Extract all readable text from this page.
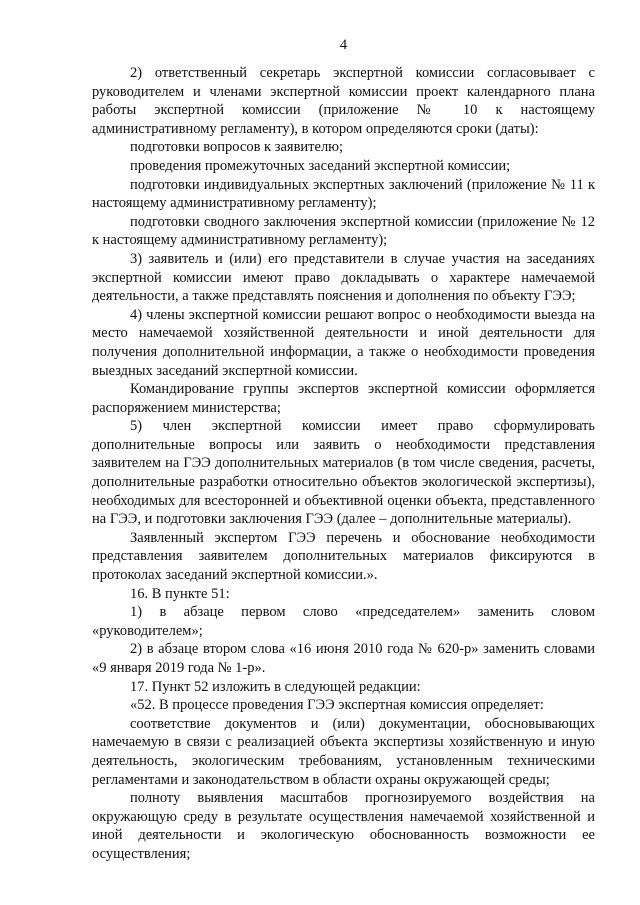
4

2) ответственный секретарь экспертной комиссии согласовывает с руководителем и членами экспертной комиссии проект календарного плана работы экспертной комиссии (приложение № 10 к настоящему административному регламенту), в котором определяются сроки (даты):

подготовки вопросов к заявителю;

проведения промежуточных заседаний экспертной комиссии;

подготовки индивидуальных экспертных заключений (приложение № 11 к настоящему административному регламенту);

подготовки сводного заключения экспертной комиссии (приложение № 12 к настоящему административному регламенту);

3) заявитель и (или) его представители в случае участия на заседаниях экспертной комиссии имеют право докладывать о характере намечаемой деятельности, а также представлять пояснения и дополнения по объекту ГЭЭ;

4) члены экспертной комиссии решают вопрос о необходимости выезда на место намечаемой хозяйственной деятельности и иной деятельности для получения дополнительной информации, а также о необходимости проведения выездных заседаний экспертной комиссии.

Командирование группы экспертов экспертной комиссии оформляется распоряжением министерства;

5) член экспертной комиссии имеет право сформулировать дополнительные вопросы или заявить о необходимости представления заявителем на ГЭЭ дополнительных материалов (в том числе сведения, расчеты, дополнительные разработки относительно объектов экологической экспертизы), необходимых для всесторонней и объективной оценки объекта, представленного на ГЭЭ, и подготовки заключения ГЭЭ (далее – дополнительные материалы).

Заявленный экспертом ГЭЭ перечень и обоснование необходимости представления заявителем дополнительных материалов фиксируются в протоколах заседаний экспертной комиссии.».

16. В пункте 51:

1) в абзаце первом слово «председателем» заменить словом «руководителем»;

2) в абзаце втором слова «16 июня 2010 года № 620-р» заменить словами «9 января 2019 года № 1-р».

17. Пункт 52 изложить в следующей редакции:

«52. В процессе проведения ГЭЭ экспертная комиссия определяет:

соответствие документов и (или) документации, обосновывающих намечаемую в связи с реализацией объекта экспертизы хозяйственную и иную деятельность, экологическим требованиям, установленным техническими регламентами и законодательством в области охраны окружающей среды;

полноту выявления масштабов прогнозируемого воздействия на окружающую среду в результате осуществления намечаемой хозяйственной и иной деятельности и экологическую обоснованность возможности ее осуществления;
